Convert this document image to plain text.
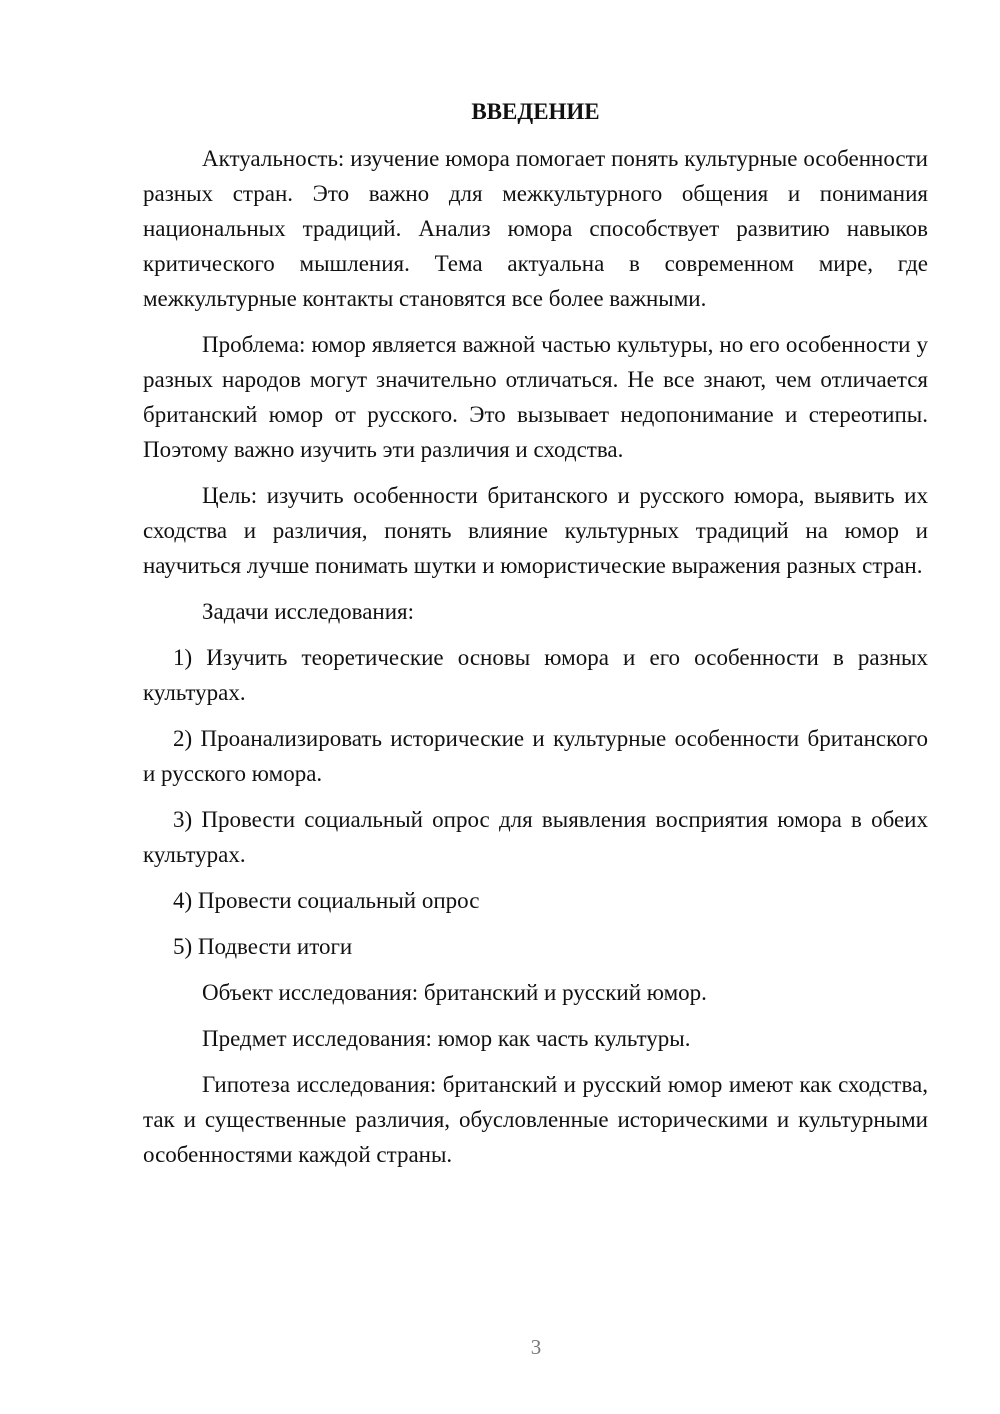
ВВЕДЕНИЕ

Актуальность: изучение юмора помогает понять культурные особенности разных стран. Это важно для межкультурного общения и понимания национальных традиций. Анализ юмора способствует развитию навыков критического мышления. Тема актуальна в современном мире, где межкультурные контакты становятся все более важными.

Проблема: юмор является важной частью культуры, но его особенности у разных народов могут значительно отличаться. Не все знают, чем отличается британский юмор от русского. Это вызывает недопонимание и стереотипы. Поэтому важно изучить эти различия и сходства.

Цель: изучить особенности британского и русского юмора, выявить их сходства и различия, понять влияние культурных традиций на юмор и научиться лучше понимать шутки и юмористические выражения разных стран.

Задачи исследования:

1) Изучить теоретические основы юмора и его особенности в разных культурах.

2) Проанализировать исторические и культурные особенности британского и русского юмора.

3) Провести социальный опрос для выявления восприятия юмора в обеих культурах.

4) Провести социальный опрос

5) Подвести итоги

Объект исследования: британский и русский юмор.

Предмет исследования: юмор как часть культуры.

Гипотеза исследования: британский и русский юмор имеют как сходства, так и существенные различия, обусловленные историческими и культурными особенностями каждой страны.

3
